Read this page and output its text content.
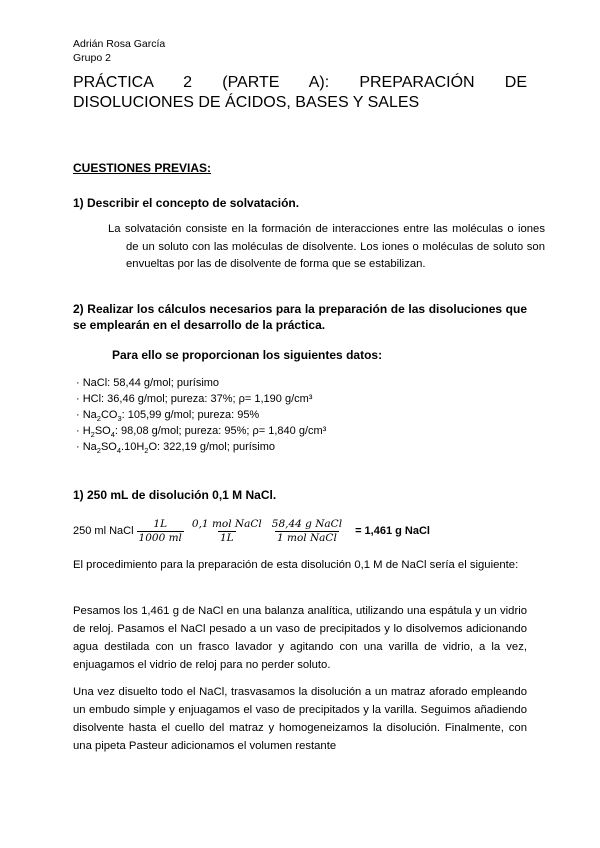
Adrián Rosa García
Grupo 2
PRÁCTICA 2 (PARTE A): PREPARACIÓN DE
DISOLUCIONES DE ÁCIDOS, BASES Y SALES
CUESTIONES PREVIAS:
1) Describir el concepto de solvatación.
La solvatación consiste en la formación de interacciones entre las moléculas o iones de un soluto con las moléculas de disolvente. Los iones o moléculas de soluto son envueltas por las de disolvente de forma que se estabilizan.
2) Realizar los cálculos necesarios para la preparación de las disoluciones que se emplearán en el desarrollo de la práctica.
Para ello se proporcionan los siguientes datos:
· NaCl: 58,44 g/mol; purísimo
· HCl: 36,46 g/mol; pureza: 37%; ρ= 1,190 g/cm³
· $Na_2CO_3$: 105,99 g/mol; pureza: 95%
· $H_2SO_4$: 98,08 g/mol; pureza: 95%; ρ= 1,840 g/cm³
· $Na_2SO_4.10H_2O$: 322,19 g/mol; purísimo
1) 250 mL de disolución 0,1 M NaCl.
250 ml NaCl $\frac{1L}{1000 ml} \frac{\text{0,1 mol NaCl}}{1L} \frac{\text{58,44 g NaCl}}{\text{1 mol NaCl}} = 1,461$ g NaCl
El procedimiento para la preparación de esta disolución 0,1 M de NaCl sería el siguiente:
Pesamos los 1,461 g de NaCl en una balanza analítica, utilizando una espátula y un vidrio de reloj. Pasamos el NaCl pesado a un vaso de precipitados y lo disolvemos adicionando agua destilada con un frasco lavador y agitando con una varilla de vidrio, a la vez, enjuagamos el vidrio de reloj para no perder soluto.
Una vez disuelto todo el NaCl, trasvasamos la disolución a un matraz aforado empleando un embudo simple y enjuagamos el vaso de precipitados y la varilla. Seguimos añadiendo disolvente hasta el cuello del matraz y homogeneizamos la disolución. Finalmente, con una pipeta Pasteur adicionamos el volumen restante
